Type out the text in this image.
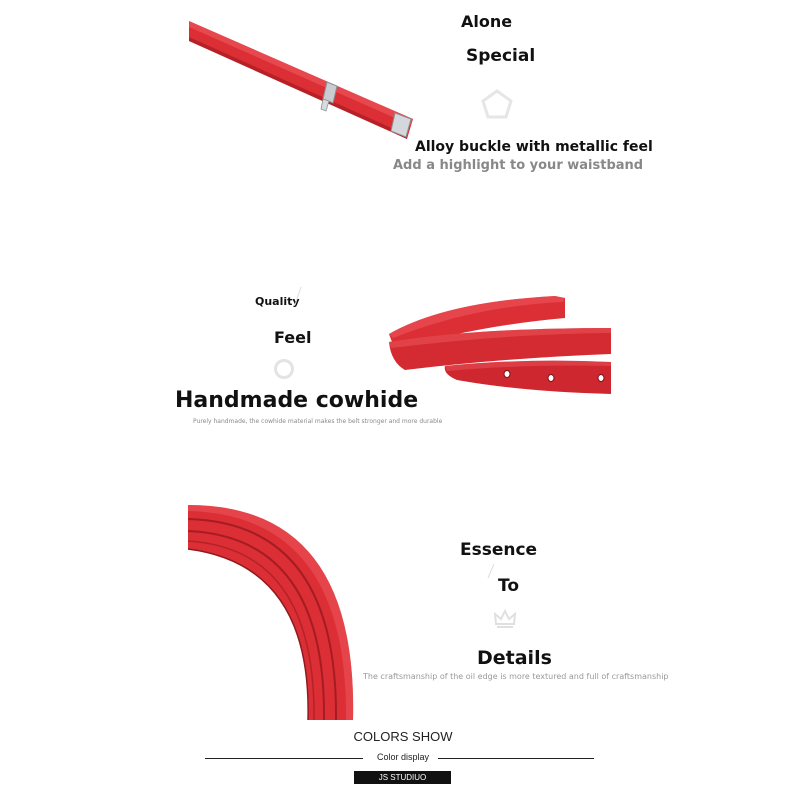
Alone
Special
Alloy buckle with metallic feel
Add a highlight to your waistband
Quality
Feel
Handmade cowhide
Purely handmade, the cowhide material makes the belt stronger and more durable
Essence
To
Details
The craftsmanship of the oil edge is more textured and full of craftsmanship
COLORS SHOW
Color display
JS STUDIUO
